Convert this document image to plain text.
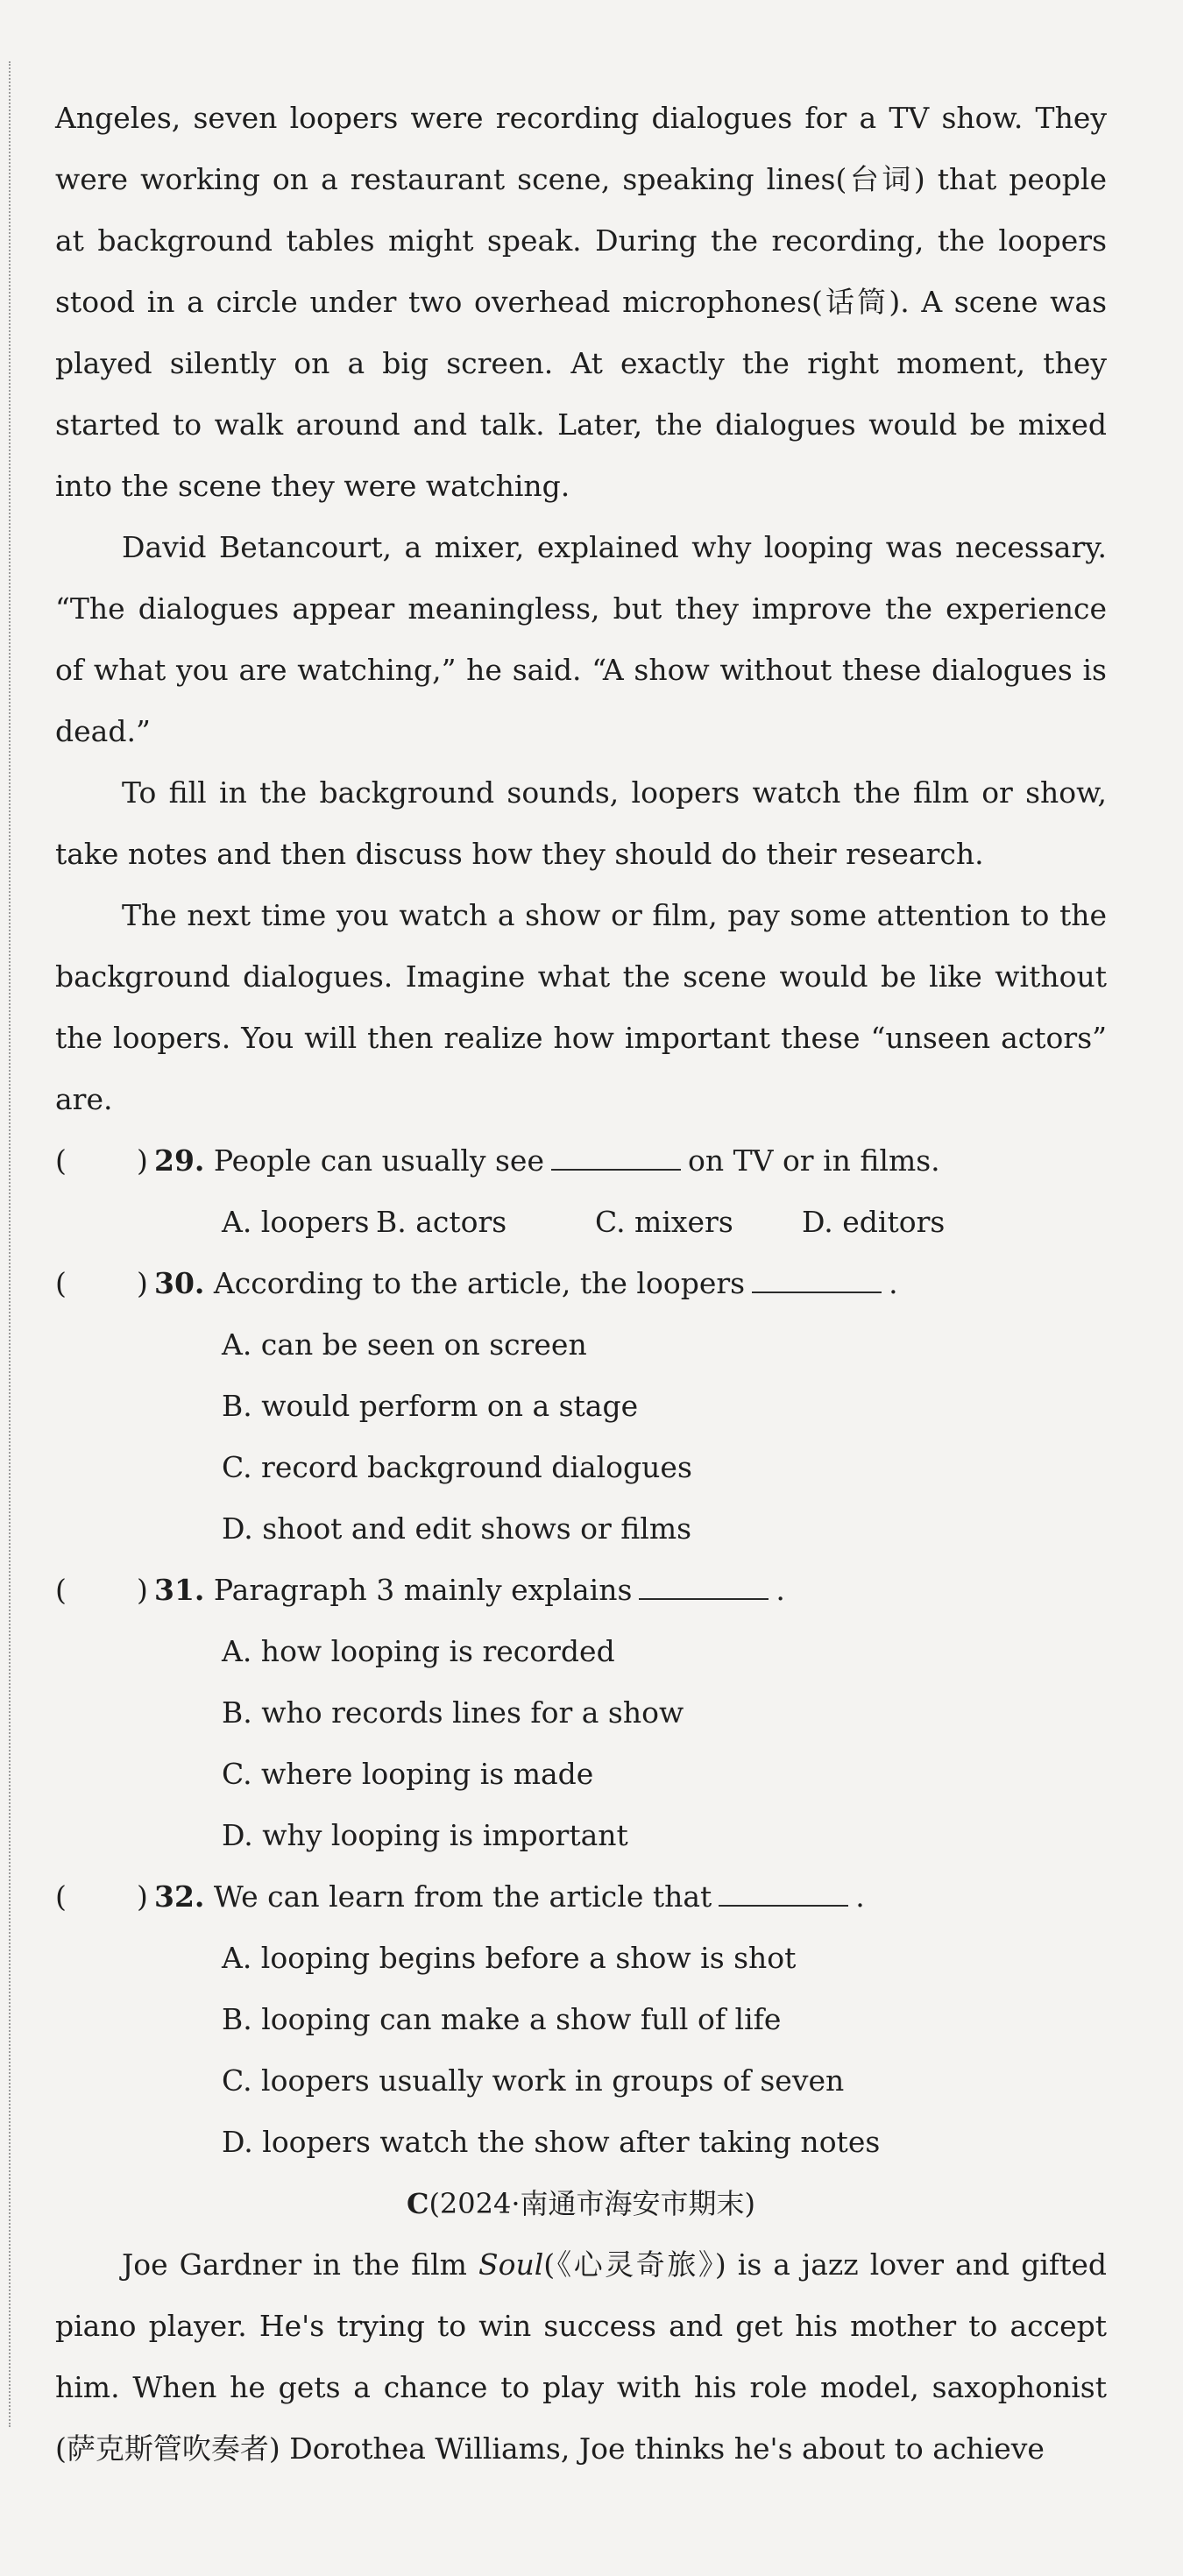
Angeles, seven loopers were recording dialogues for a TV show. They were working on a restaurant scene, speaking lines(台词) that people at background tables might speak. During the recording, the loopers stood in a circle under two overhead microphones(话筒). A scene was played silently on a big screen. At exactly the right moment, they started to walk around and talk. Later, the dialogues would be mixed into the scene they were watching.

David Betancourt, a mixer, explained why looping was necessary. “The dialogues appear meaningless, but they improve the experience of what you are watching,” he said. “A show without these dialogues is dead.”

To fill in the background sounds, loopers watch the film or show, take notes and then discuss how they should do their research.

The next time you watch a show or film, pay some attention to the background dialogues. Imagine what the scene would be like without the loopers. You will then realize how important these “unseen actors” are.

( ) 29. People can usually see	on TV or in films.
A. loopers B. actors	C. mixers D. editors
( ) 30. According to the article, the loopers	.
A. can be seen on screen
B. would perform on a stage
C. record background dialogues
D. shoot and edit shows or films
( ) 31. Paragraph 3 mainly explains	.
A. how looping is recorded
B. who records lines for a show
C. where looping is made
D. why looping is important
( ) 32. We can learn from the article that	.
A. looping begins before a show is shot
B. looping can make a show full of life
C. loopers usually work in groups of seven
D. loopers watch the show after taking notes
C(2024·南通市海安市期末)

Joe Gardner in the film Soul(《心灵奇旅》) is a jazz lover and gifted piano player. He's trying to win success and get his mother to accept him. When he gets a chance to play with his role model, saxophonist (萨克斯管吹奏者) Dorothea Williams, Joe thinks he's about to achieve
